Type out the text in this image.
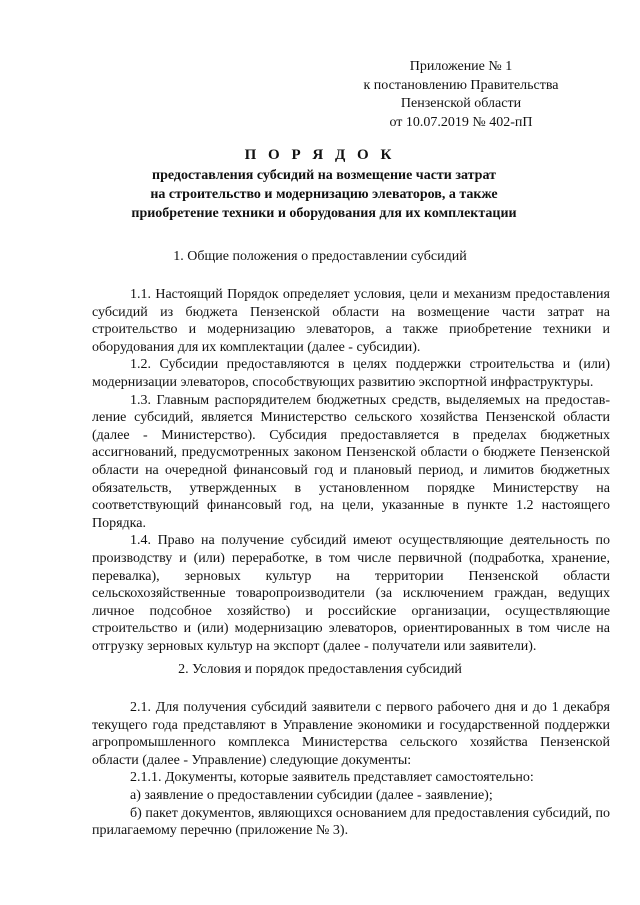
Приложение № 1
к постановлению Правительства
Пензенской области
от 10.07.2019 № 402-пП
П О Р Я Д О К
предоставления субсидий на возмещение части затрат
на строительство и модернизацию элеваторов, а также
приобретение техники и оборудования для их комплектации
1. Общие положения о предоставлении субсидий

1.1. Настоящий Порядок определяет условия, цели и механизм предоставления субсидий из бюджета Пензенской области на возмещение части затрат на строительство и модернизацию элеваторов, а также приобретение техники и оборудования для их комплектации (далее - субсидии).

1.2. Субсидии предоставляются в целях поддержки строительства и (или) модернизации элеваторов, способствующих развитию экспортной инфраструктуры.

1.3. Главным распорядителем бюджетных средств, выделяемых на предоставление субсидий, является Министерство сельского хозяйства Пензенской области (далее - Министерство). Субсидия предоставляется в пределах бюджетных ассигнований, предусмотренных законом Пензенской области о бюджете Пензенской области на очередной финансовый год и плановый период, и лимитов бюджетных обязательств, утвержденных в установленном порядке Министерству на соответствующий финансовый год, на цели, указанные в пункте 1.2 настоящего Порядка.

1.4. Право на получение субсидий имеют осуществляющие деятельность по производству и (или) переработке, в том числе первичной (подработка, хранение, перевалка), зерновых культур на территории Пензенской области сельскохозяйственные товаропроизводители (за исключением граждан, ведущих личное подсобное хозяйство) и российские организации, осуществляющие строительство и (или) модернизацию элеваторов, ориентированных в том числе на отгрузку зерновых культур на экспорт (далее - получатели или заявители).

2. Условия и порядок предоставления субсидий

2.1. Для получения субсидий заявители с первого рабочего дня и до 1 декабря текущего года представляют в Управление экономики и государственной поддержки агропромышленного комплекса Министерства сельского хозяйства Пензенской области (далее - Управление) следующие документы:

2.1.1. Документы, которые заявитель представляет самостоятельно:

а) заявление о предоставлении субсидии (далее - заявление);

б) пакет документов, являющихся основанием для предоставления субсидий, по прилагаемому перечню (приложение № 3).
